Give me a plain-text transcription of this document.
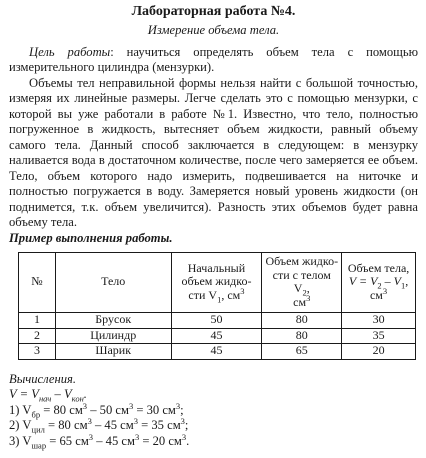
Лабораторная работа №4.
Измерение объема тела.

Цель работы: научиться определять объем тела с помощью измерительного цилиндра (мензурки).

Объемы тел неправильной формы нельзя найти с большой точностью, измеряя их линейные размеры. Легче сделать это с помощью мензурки, с которой вы уже работали в работе №1. Известно, что тело, полностью погруженное в жидкость, вытесняет объем жидкости, равный объему самого тела. Данный способ заключается в следующем: в мензурку наливается вода в достаточном количестве, после чего замеряется ее объем. Тело, объем которого надо измерить, подвешивается на ниточке и полностью погружается в воду. Замеряется новый уровень жидкости (он поднимется, т.к. объем увеличится). Разность этих объемов будет равна объему тела.

Пример выполнения работы.

№	Тело	Начальный
объем жидко-
сти $V_1$, $см^3$	Объем жидко-
сти с телом $V_2$,
$см^3$	Объем тела,
$V = V_2 - V_1$,
$см^3$
1	Брусок	50	80	30
2	Цилиндр	45	80	35
3	Шарик	45	65	20

Вычисления.

$V = V_{нач} - V_{кон}$.

1) $V_{бр} = 80$ $см^3 - 50$ $см^3 = 30$ $см^3$;

2) $V_{цил} = 80$ $см^3 - 45$ $см^3 = 35$ $см^3$;

3) $V_{шар} = 65$ $см^3 - 45$ $см^3 = 20$ $см^3$.
